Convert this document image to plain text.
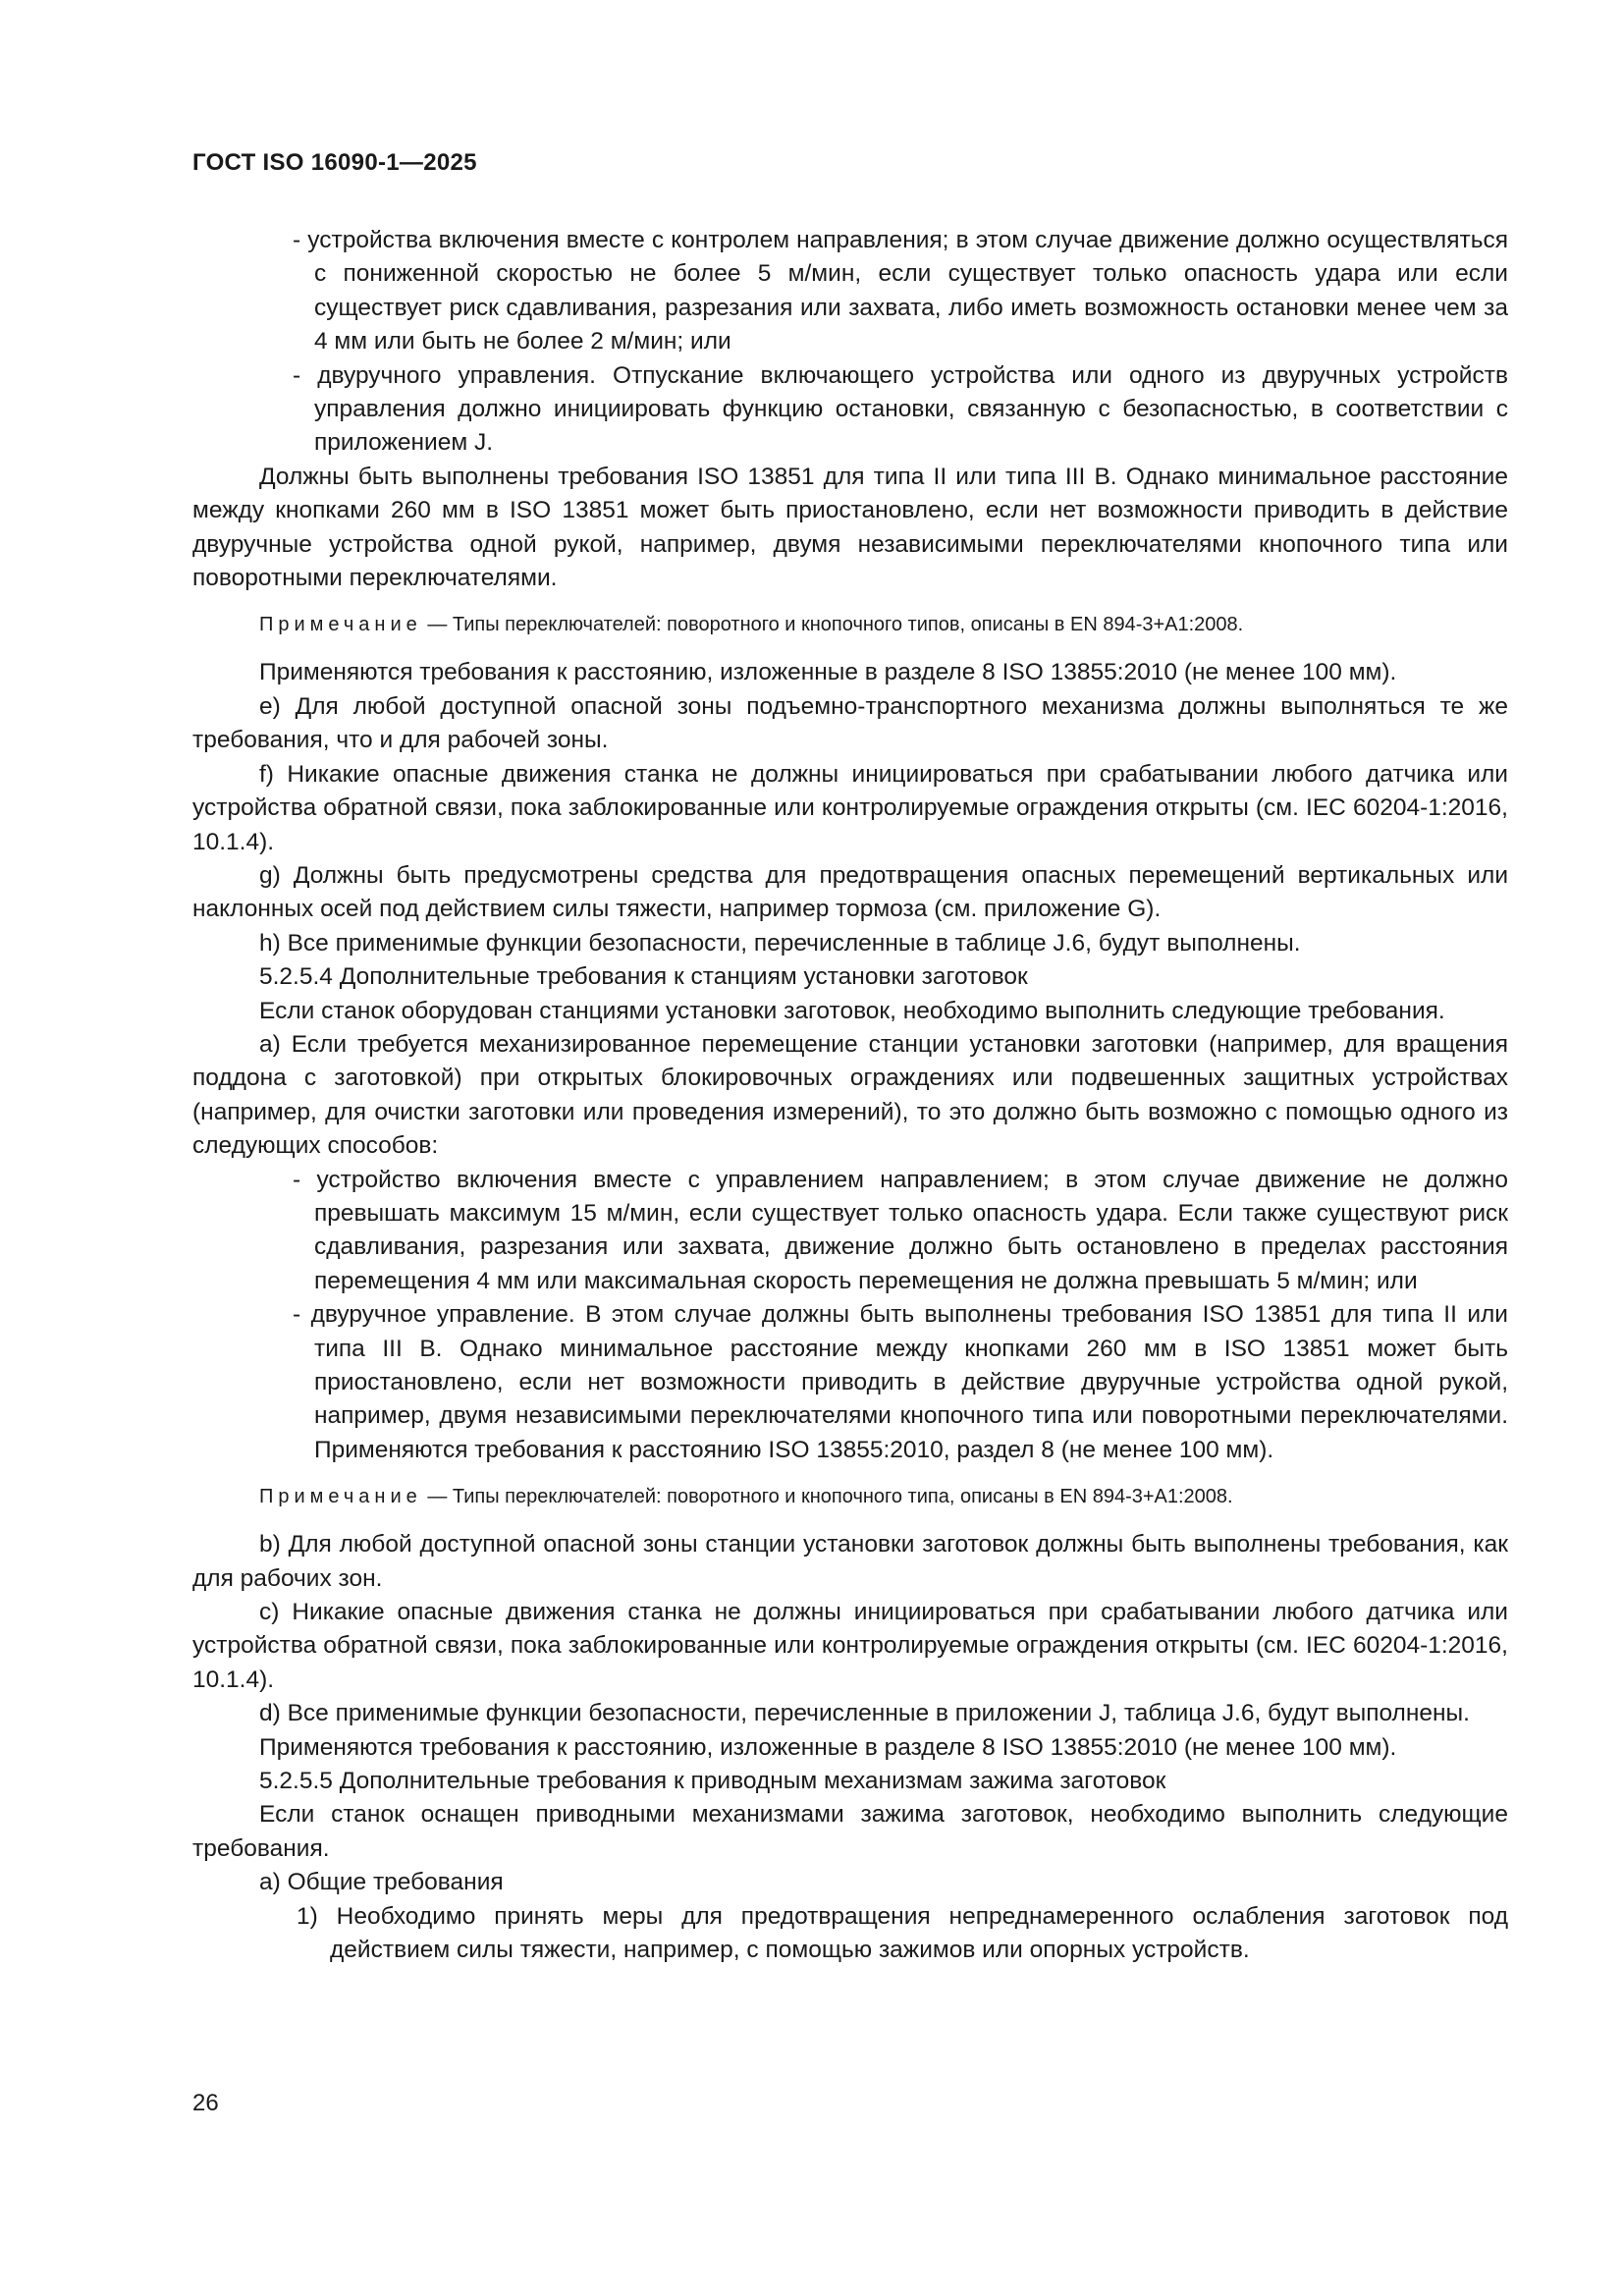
ГОСТ ISO 16090-1—2025

- устройства включения вместе с контролем направления; в этом случае движение должно осуществляться с пониженной скоростью не более 5 м/мин, если существует только опасность удара или если существует риск сдавливания, разрезания или захвата, либо иметь возможность остановки менее чем за 4 мм или быть не более 2 м/мин; или

- двуручного управления. Отпускание включающего устройства или одного из двуручных устройств управления должно инициировать функцию остановки, связанную с безопасностью, в соответствии с приложением J.

Должны быть выполнены требования ISO 13851 для типа II или типа III В. Однако минимальное расстояние между кнопками 260 мм в ISO 13851 может быть приостановлено, если нет возможности приводить в действие двуручные устройства одной рукой, например, двумя независимыми переключателями кнопочного типа или поворотными переключателями.

Примечание — Типы переключателей: поворотного и кнопочного типов, описаны в EN 894-3+A1:2008.

Применяются требования к расстоянию, изложенные в разделе 8 ISO 13855:2010 (не менее 100 мм).

е) Для любой доступной опасной зоны подъемно-транспортного механизма должны выполняться те же требования, что и для рабочей зоны.

f) Никакие опасные движения станка не должны инициироваться при срабатывании любого датчика или устройства обратной связи, пока заблокированные или контролируемые ограждения открыты (см. IEC 60204-1:2016, 10.1.4).

g) Должны быть предусмотрены средства для предотвращения опасных перемещений вертикальных или наклонных осей под действием силы тяжести, например тормоза (см. приложение G).

h) Все применимые функции безопасности, перечисленные в таблице J.6, будут выполнены.

5.2.5.4 Дополнительные требования к станциям установки заготовок

Если станок оборудован станциями установки заготовок, необходимо выполнить следующие требования.

а) Если требуется механизированное перемещение станции установки заготовки (например, для вращения поддона с заготовкой) при открытых блокировочных ограждениях или подвешенных защитных устройствах (например, для очистки заготовки или проведения измерений), то это должно быть возможно с помощью одного из следующих способов:

- устройство включения вместе с управлением направлением; в этом случае движение не должно превышать максимум 15 м/мин, если существует только опасность удара. Если также существуют риск сдавливания, разрезания или захвата, движение должно быть остановлено в пределах расстояния перемещения 4 мм или максимальная скорость перемещения не должна превышать 5 м/мин; или

- двуручное управление. В этом случае должны быть выполнены требования ISO 13851 для типа II или типа III B. Однако минимальное расстояние между кнопками 260 мм в ISO 13851 может быть приостановлено, если нет возможности приводить в действие двуручные устройства одной рукой, например, двумя независимыми переключателями кнопочного типа или поворотными переключателями. Применяются требования к расстоянию ISO 13855:2010, раздел 8 (не менее 100 мм).

Примечание — Типы переключателей: поворотного и кнопочного типа, описаны в EN 894-3+A1:2008.

b) Для любой доступной опасной зоны станции установки заготовок должны быть выполнены требования, как для рабочих зон.

с) Никакие опасные движения станка не должны инициироваться при срабатывании любого датчика или устройства обратной связи, пока заблокированные или контролируемые ограждения открыты (см. IEC 60204-1:2016, 10.1.4).

d) Все применимые функции безопасности, перечисленные в приложении J, таблица J.6, будут выполнены.

Применяются требования к расстоянию, изложенные в разделе 8 ISO 13855:2010 (не менее 100 мм).

5.2.5.5 Дополнительные требования к приводным механизмам зажима заготовок

Если станок оснащен приводными механизмами зажима заготовок, необходимо выполнить следующие требования.

а) Общие требования

1) Необходимо принять меры для предотвращения непреднамеренного ослабления заготовок под действием силы тяжести, например, с помощью зажимов или опорных устройств.

26
